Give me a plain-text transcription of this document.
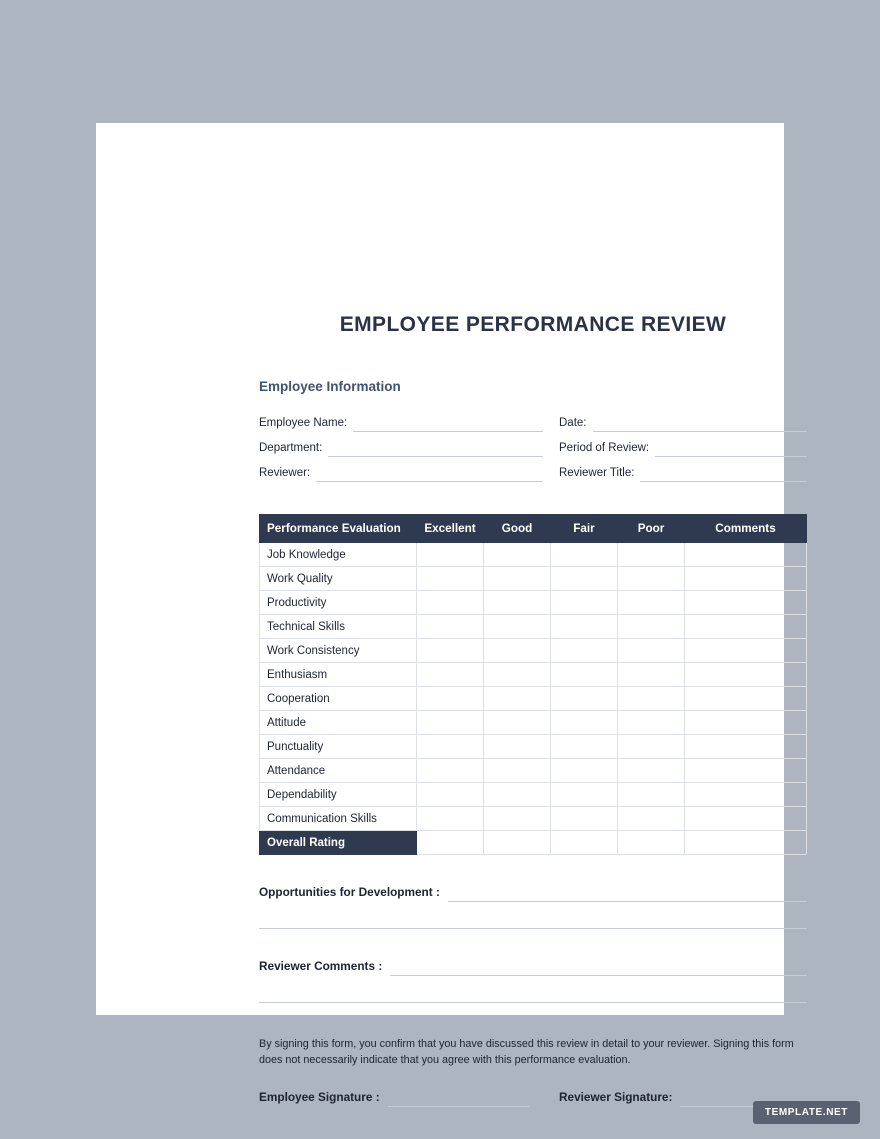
EMPLOYEE PERFORMANCE REVIEW
Employee Information
Employee Name:	Date:
Department:	Period of Review:
Reviewer:	Reviewer Title:
Performance Evaluation	Excellent	Good	Fair	Poor	Comments
Job Knowledge					
Work Quality					
Productivity					
Technical Skills					
Work Consistency					
Enthusiasm					
Cooperation					
Attitude					
Punctuality					
Attendance					
Dependability					
Communication Skills					
Overall Rating					
Opportunities for Development :
Reviewer Comments :

By signing this form, you confirm that you have discussed this review in detail to your reviewer. Signing this form does not necessarily indicate that you agree with this performance evaluation.

Employee Signature :	Reviewer Signature:
TEMPLATE.NET
